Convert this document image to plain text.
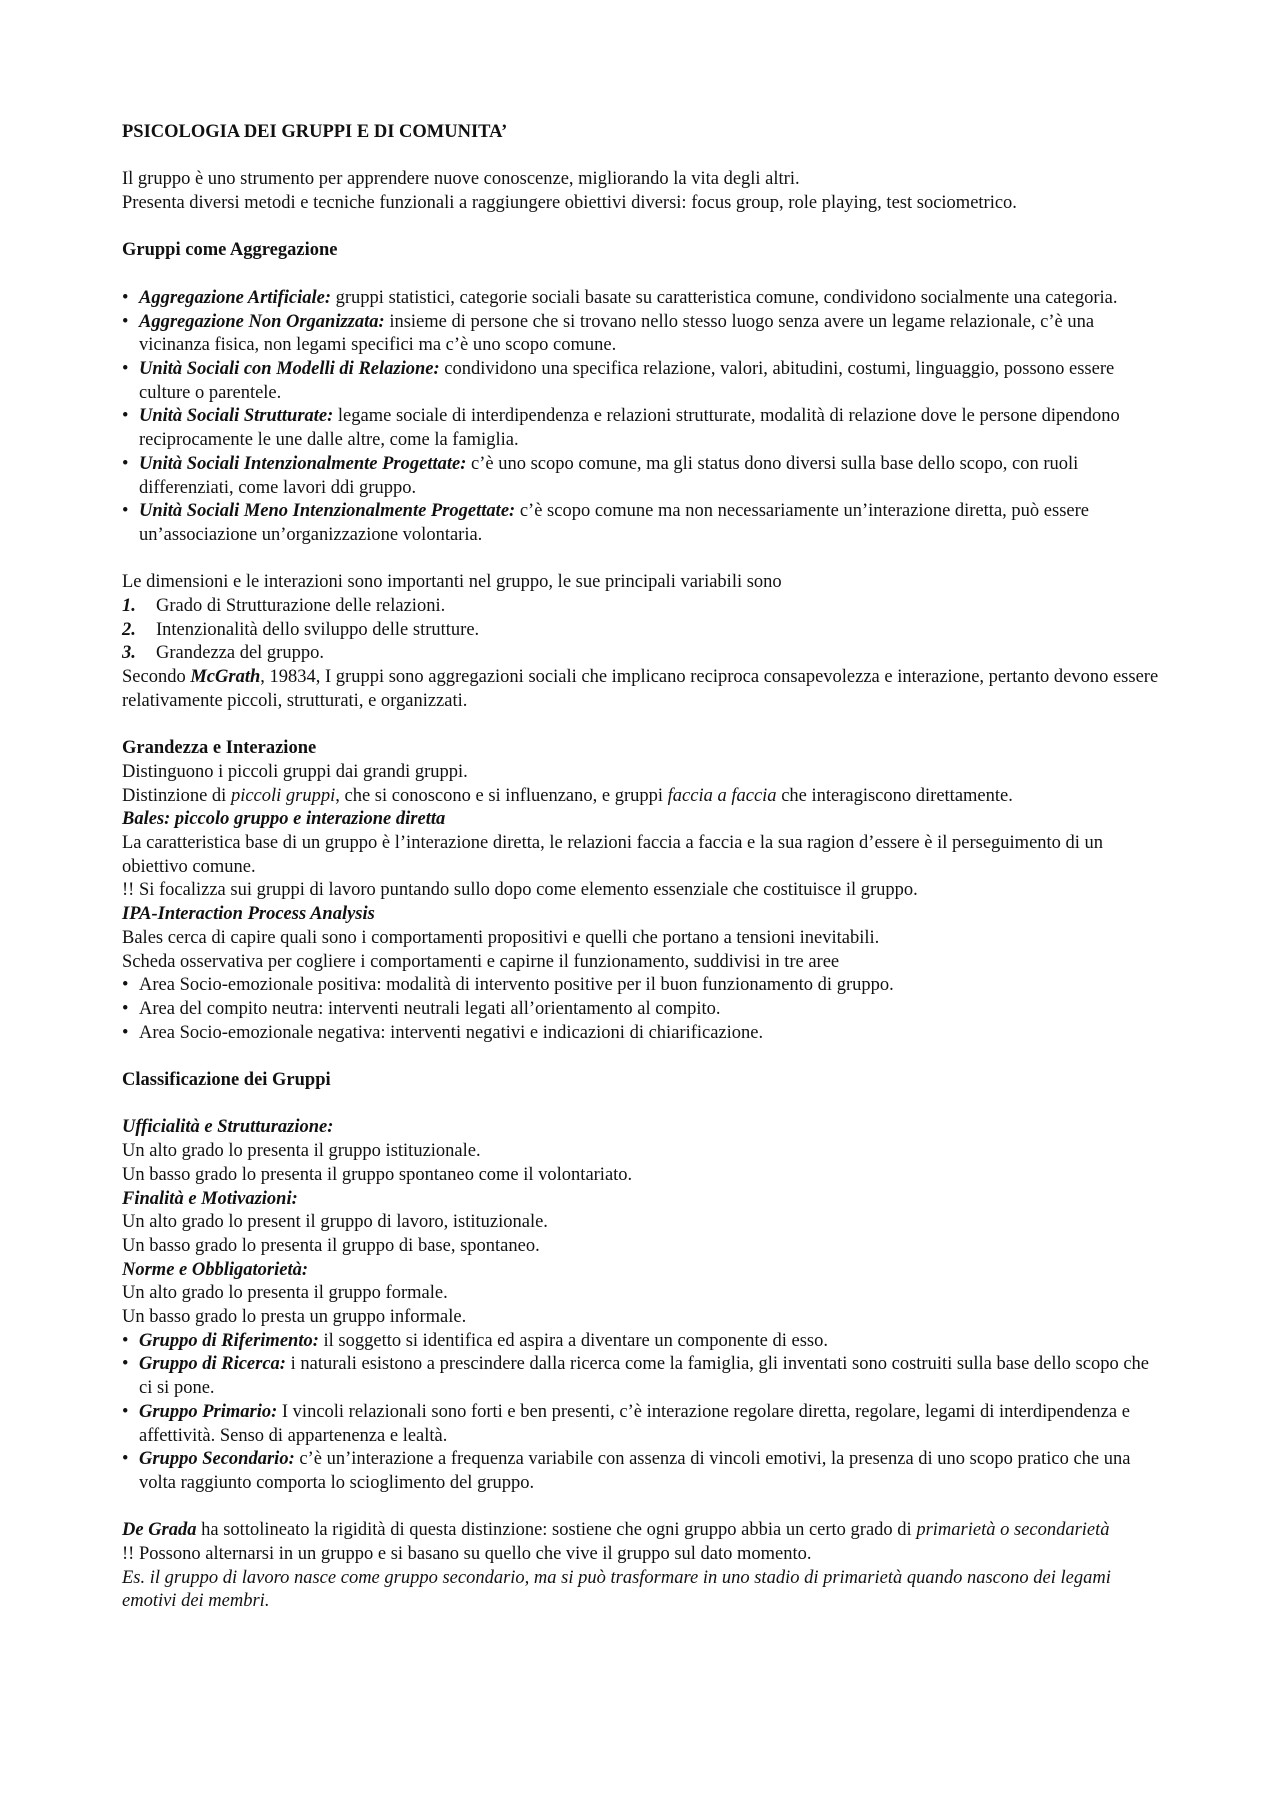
PSICOLOGIA DEI GRUPPI E DI COMUNITA’

Il gruppo è uno strumento per apprendere nuove conoscenze, migliorando la vita degli altri.

Presenta diversi metodi e tecniche funzionali a raggiungere obiettivi diversi: focus group, role playing, test sociometrico.

Gruppi come Aggregazione

• Aggregazione Artificiale: gruppi statistici, categorie sociali basate su caratteristica comune, condividono socialmente una categoria.
• Aggregazione Non Organizzata: insieme di persone che si trovano nello stesso luogo senza avere un legame relazionale, c’è una vicinanza fisica, non legami specifici ma c’è uno scopo comune.
• Unità Sociali con Modelli di Relazione: condividono una specifica relazione, valori, abitudini, costumi, linguaggio, possono essere culture o parentele.
• Unità Sociali Strutturate: legame sociale di interdipendenza e relazioni strutturate, modalità di relazione dove le persone dipendono reciprocamente le une dalle altre, come la famiglia.
• Unità Sociali Intenzionalmente Progettate: c’è uno scopo comune, ma gli status dono diversi sulla base dello scopo, con ruoli differenziati, come lavori ddi gruppo.
• Unità Sociali Meno Intenzionalmente Progettate: c’è scopo comune ma non necessariamente un’interazione diretta, può essere un’associazione un’organizzazione volontaria.

Le dimensioni e le interazioni sono importanti nel gruppo, le sue principali variabili sono

1. Grado di Strutturazione delle relazioni.
2. Intenzionalità dello sviluppo delle strutture.
3. Grandezza del gruppo.

Secondo McGrath, 19834, I gruppi sono aggregazioni sociali che implicano reciproca consapevolezza e interazione, pertanto devono essere relativamente piccoli, strutturati, e organizzati.

Grandezza e Interazione

Distinguono i piccoli gruppi dai grandi gruppi.

Distinzione di piccoli gruppi, che si conoscono e si influenzano, e gruppi faccia a faccia che interagiscono direttamente.

Bales: piccolo gruppo e interazione diretta

La caratteristica base di un gruppo è l’interazione diretta, le relazioni faccia a faccia e la sua ragion d’essere è il perseguimento di un obiettivo comune.

!! Si focalizza sui gruppi di lavoro puntando sullo dopo come elemento essenziale che costituisce il gruppo.

IPA-Interaction Process Analysis

Bales cerca di capire quali sono i comportamenti propositivi e quelli che portano a tensioni inevitabili.

Scheda osservativa per cogliere i comportamenti e capirne il funzionamento, suddivisi in tre aree

• Area Socio-emozionale positiva: modalità di intervento positive per il buon funzionamento di gruppo.
• Area del compito neutra: interventi neutrali legati all’orientamento al compito.
• Area Socio-emozionale negativa: interventi negativi e indicazioni di chiarificazione.

Classificazione dei Gruppi

Ufficialità e Strutturazione:

Un alto grado lo presenta il gruppo istituzionale.

Un basso grado lo presenta il gruppo spontaneo come il volontariato.

Finalità e Motivazioni:

Un alto grado lo present il gruppo di lavoro, istituzionale.

Un basso grado lo presenta il gruppo di base, spontaneo.

Norme e Obbligatorietà:

Un alto grado lo presenta il gruppo formale.

Un basso grado lo presta un gruppo informale.

• Gruppo di Riferimento: il soggetto si identifica ed aspira a diventare un componente di esso.
• Gruppo di Ricerca: i naturali esistono a prescindere dalla ricerca come la famiglia, gli inventati sono costruiti sulla base dello scopo che ci si pone.
• Gruppo Primario: I vincoli relazionali sono forti e ben presenti, c’è interazione regolare diretta, regolare, legami di interdipendenza e affettività. Senso di appartenenza e lealtà.
• Gruppo Secondario: c’è un’interazione a frequenza variabile con assenza di vincoli emotivi, la presenza di uno scopo pratico che una volta raggiunto comporta lo scioglimento del gruppo.

De Grada ha sottolineato la rigidità di questa distinzione: sostiene che ogni gruppo abbia un certo grado di primarietà o secondarietà

!! Possono alternarsi in un gruppo e si basano su quello che vive il gruppo sul dato momento.

Es. il gruppo di lavoro nasce come gruppo secondario, ma si può trasformare in uno stadio di primarietà quando nascono dei legami emotivi dei membri.
